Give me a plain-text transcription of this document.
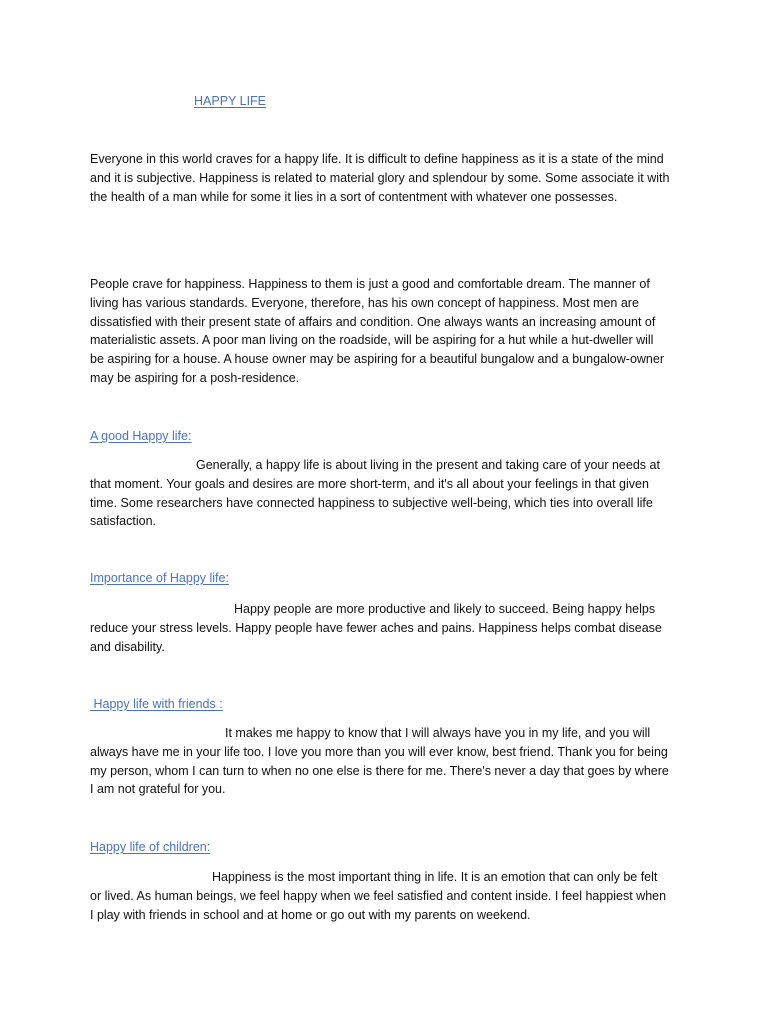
HAPPY LIFE

Everyone in this world craves for a happy life. It is difficult to define happiness as it is a state of the mind
and it is subjective. Happiness is related to material glory and splendour by some. Some associate it with
the health of a man while for some it lies in a sort of contentment with whatever one possesses.

People crave for happiness. Happiness to them is just a good and comfortable dream. The manner of
living has various standards. Everyone, therefore, has his own concept of happiness. Most men are
dissatisfied with their present state of affairs and condition. One always wants an increasing amount of
materialistic assets. A poor man living on the roadside, will be aspiring for a hut while a hut-dweller will
be aspiring for a house. A house owner may be aspiring for a beautiful bungalow and a bungalow-owner
may be aspiring for a posh-residence.

A good Happy life:

Generally, a happy life is about living in the present and taking care of your needs at
that moment. Your goals and desires are more short-term, and it's all about your feelings in that given
time. Some researchers have connected happiness to subjective well-being, which ties into overall life
satisfaction.

Importance of Happy life:

Happy people are more productive and likely to succeed. Being happy helps
reduce your stress levels. Happy people have fewer aches and pains. Happiness helps combat disease
and disability.

Happy life with friends :

It makes me happy to know that I will always have you in my life, and you will
always have me in your life too. I love you more than you will ever know, best friend. Thank you for being
my person, whom I can turn to when no one else is there for me. There's never a day that goes by where
I am not grateful for you.

Happy life of children:

Happiness is the most important thing in life. It is an emotion that can only be felt
or lived. As human beings, we feel happy when we feel satisfied and content inside. I feel happiest when
I play with friends in school and at home or go out with my parents on weekend.
